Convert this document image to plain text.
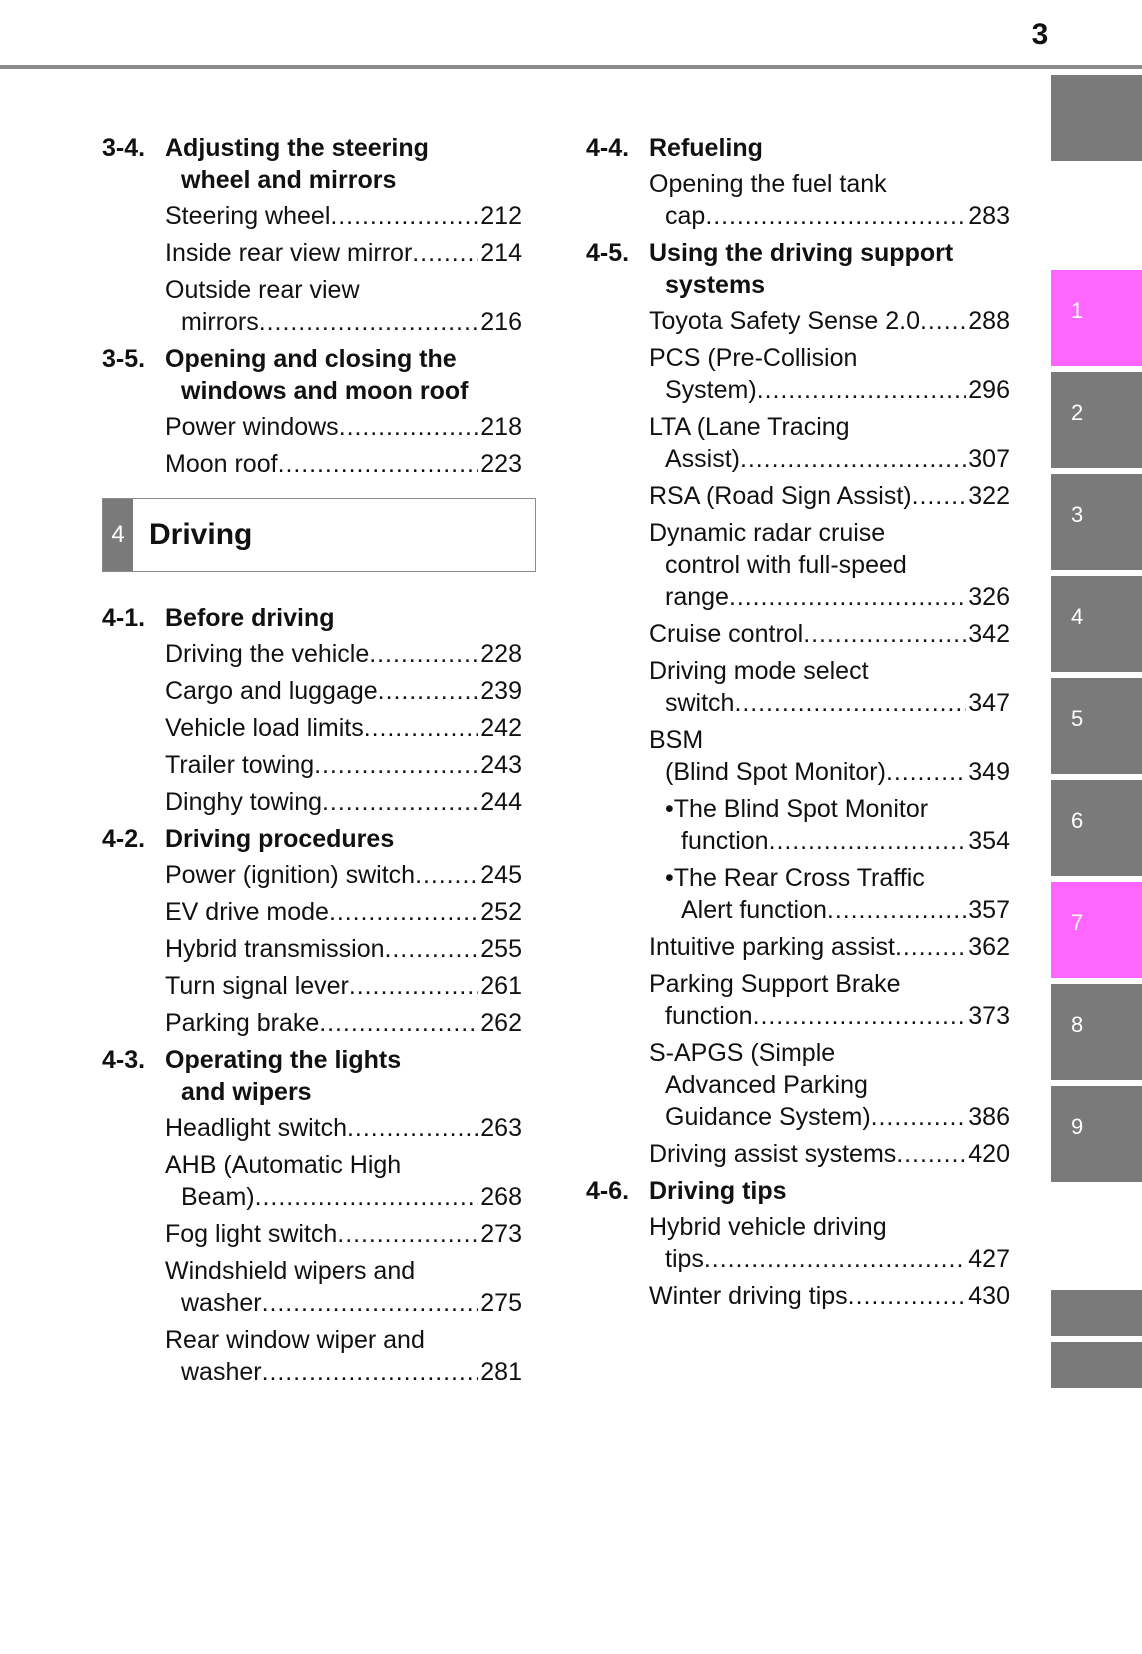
3
3-4. Adjusting the steering
wheel and mirrors
Steering wheel . . .	212
Inside rear view mirror . . .	214
Outside rear view
mirrors . . .	216
3-5. Opening and closing the
windows and moon roof
Power windows . . .	218
Moon roof . . .	223
4 Driving
4-1. Before driving
Driving the vehicle . . .	228
Cargo and luggage . . .	239
Vehicle load limits . . .	242
Trailer towing . . .	243
Dinghy towing . . .	244
4-2. Driving procedures
Power (ignition) switch . . .	245
EV drive mode . . .	252
Hybrid transmission . . .	255
Turn signal lever . . .	261
Parking brake . . .	262
4-3. Operating the lights
and wipers
Headlight switch . . .	263
AHB (Automatic High
Beam) . . .	268
Fog light switch . . .	273
Windshield wipers and
washer . . .	275
Rear window wiper and
washer . . .	281
4-4. Refueling
Opening the fuel tank
cap . . .	283
4-5. Using the driving support
systems
Toyota Safety Sense 2.0 . . . 288
PCS (Pre-Collision
System) . . .	296
LTA (Lane Tracing
Assist) . . .	307
RSA (Road Sign Assist) . . . 322
Dynamic radar cruise
control with full-speed
range . . .	326
Cruise control . . .	342
Driving mode select
switch . . .	347
BSM
(Blind Spot Monitor) . . .	349
• The Blind Spot Monitor
function . . .	354
• The Rear Cross Traffic
Alert function . . .	357
Intuitive parking assist . . .	362
Parking Support Brake
function . . .	373
S-APGS (Simple
Advanced Parking
Guidance System) . . .	386
Driving assist systems . . .	420
4-6. Driving tips
Hybrid vehicle driving
tips . . .	427
Winter driving tips . . .	430
1
2
3
4
5
6
7
8
9
